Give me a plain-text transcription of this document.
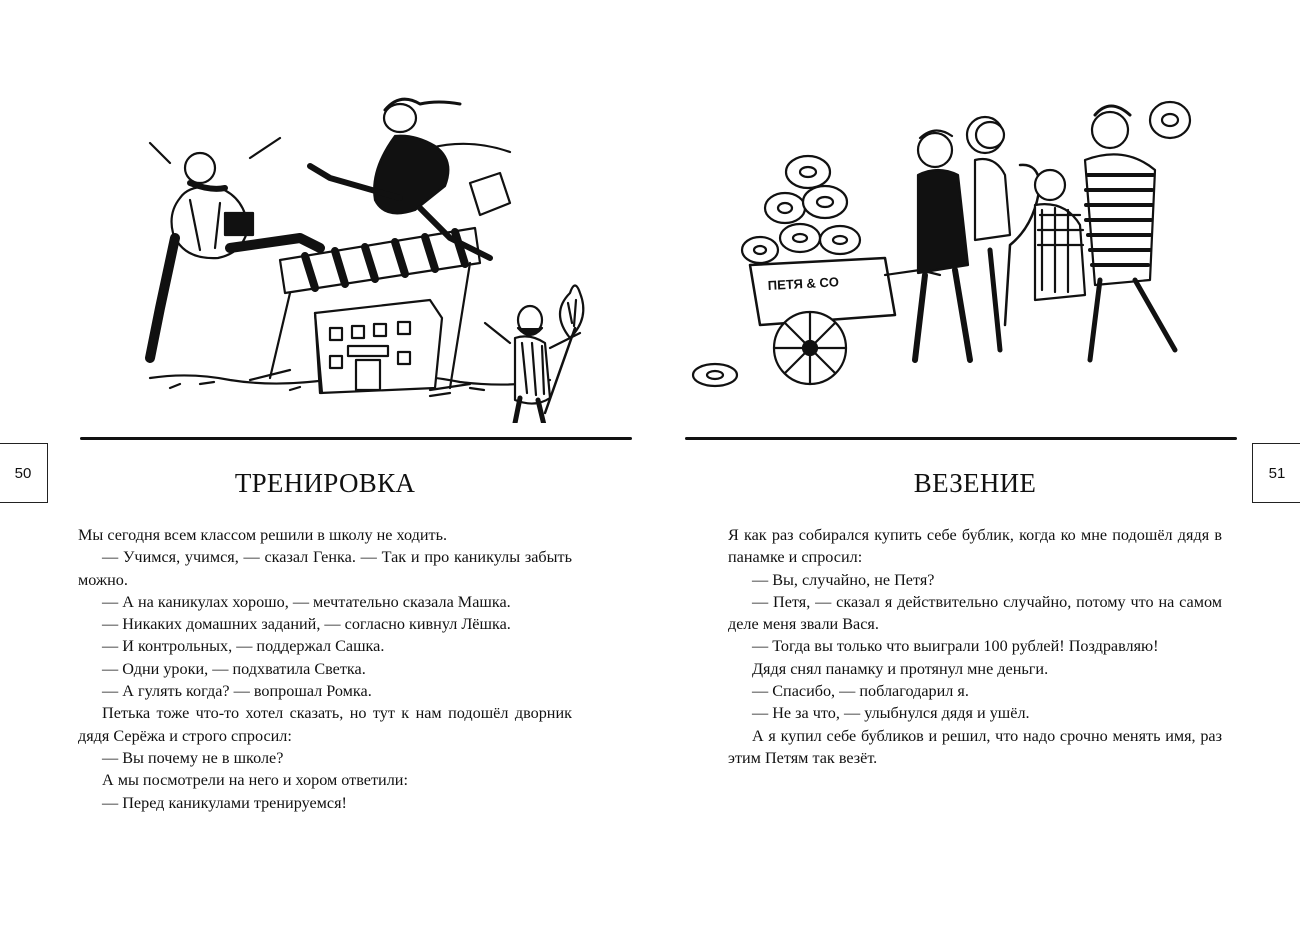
50	ТРЕНИРОВКА

Мы сегодня всем классом решили в школу не ходить.

— Учимся, учимся, — сказал Генка. — Так и про каникулы забыть можно.

— А на каникулах хорошо, — мечтательно сказала Машка.

— Никаких домашних заданий, — согласно кивнул Лёшка.

— И контрольных, — поддержал Сашка.

— Одни уроки, — подхватила Светка.

— А гулять когда? — вопрошал Ромка.

Петька тоже что-то хотел сказать, но тут к нам подошёл дворник дядя Серёжа и строго спросил:

— Вы почему не в школе?

А мы посмотрели на него и хором ответили:

— Перед каникулами тренируемся!

ПЕТЯ & CO
51
ВЕЗЕНИЕ

Я как раз собирался купить себе бублик, когда ко мне подошёл дядя в панамке и спросил:

— Вы, случайно, не Петя?

— Петя, — сказал я действительно случайно, потому что на самом деле меня звали Вася.

— Тогда вы только что выиграли 100 рублей! Поздравляю!

Дядя снял панамку и протянул мне деньги.

— Спасибо, — поблагодарил я.

— Не за что, — улыбнулся дядя и ушёл.

А я купил себе бубликов и решил, что надо срочно менять имя, раз этим Петям так везёт.
